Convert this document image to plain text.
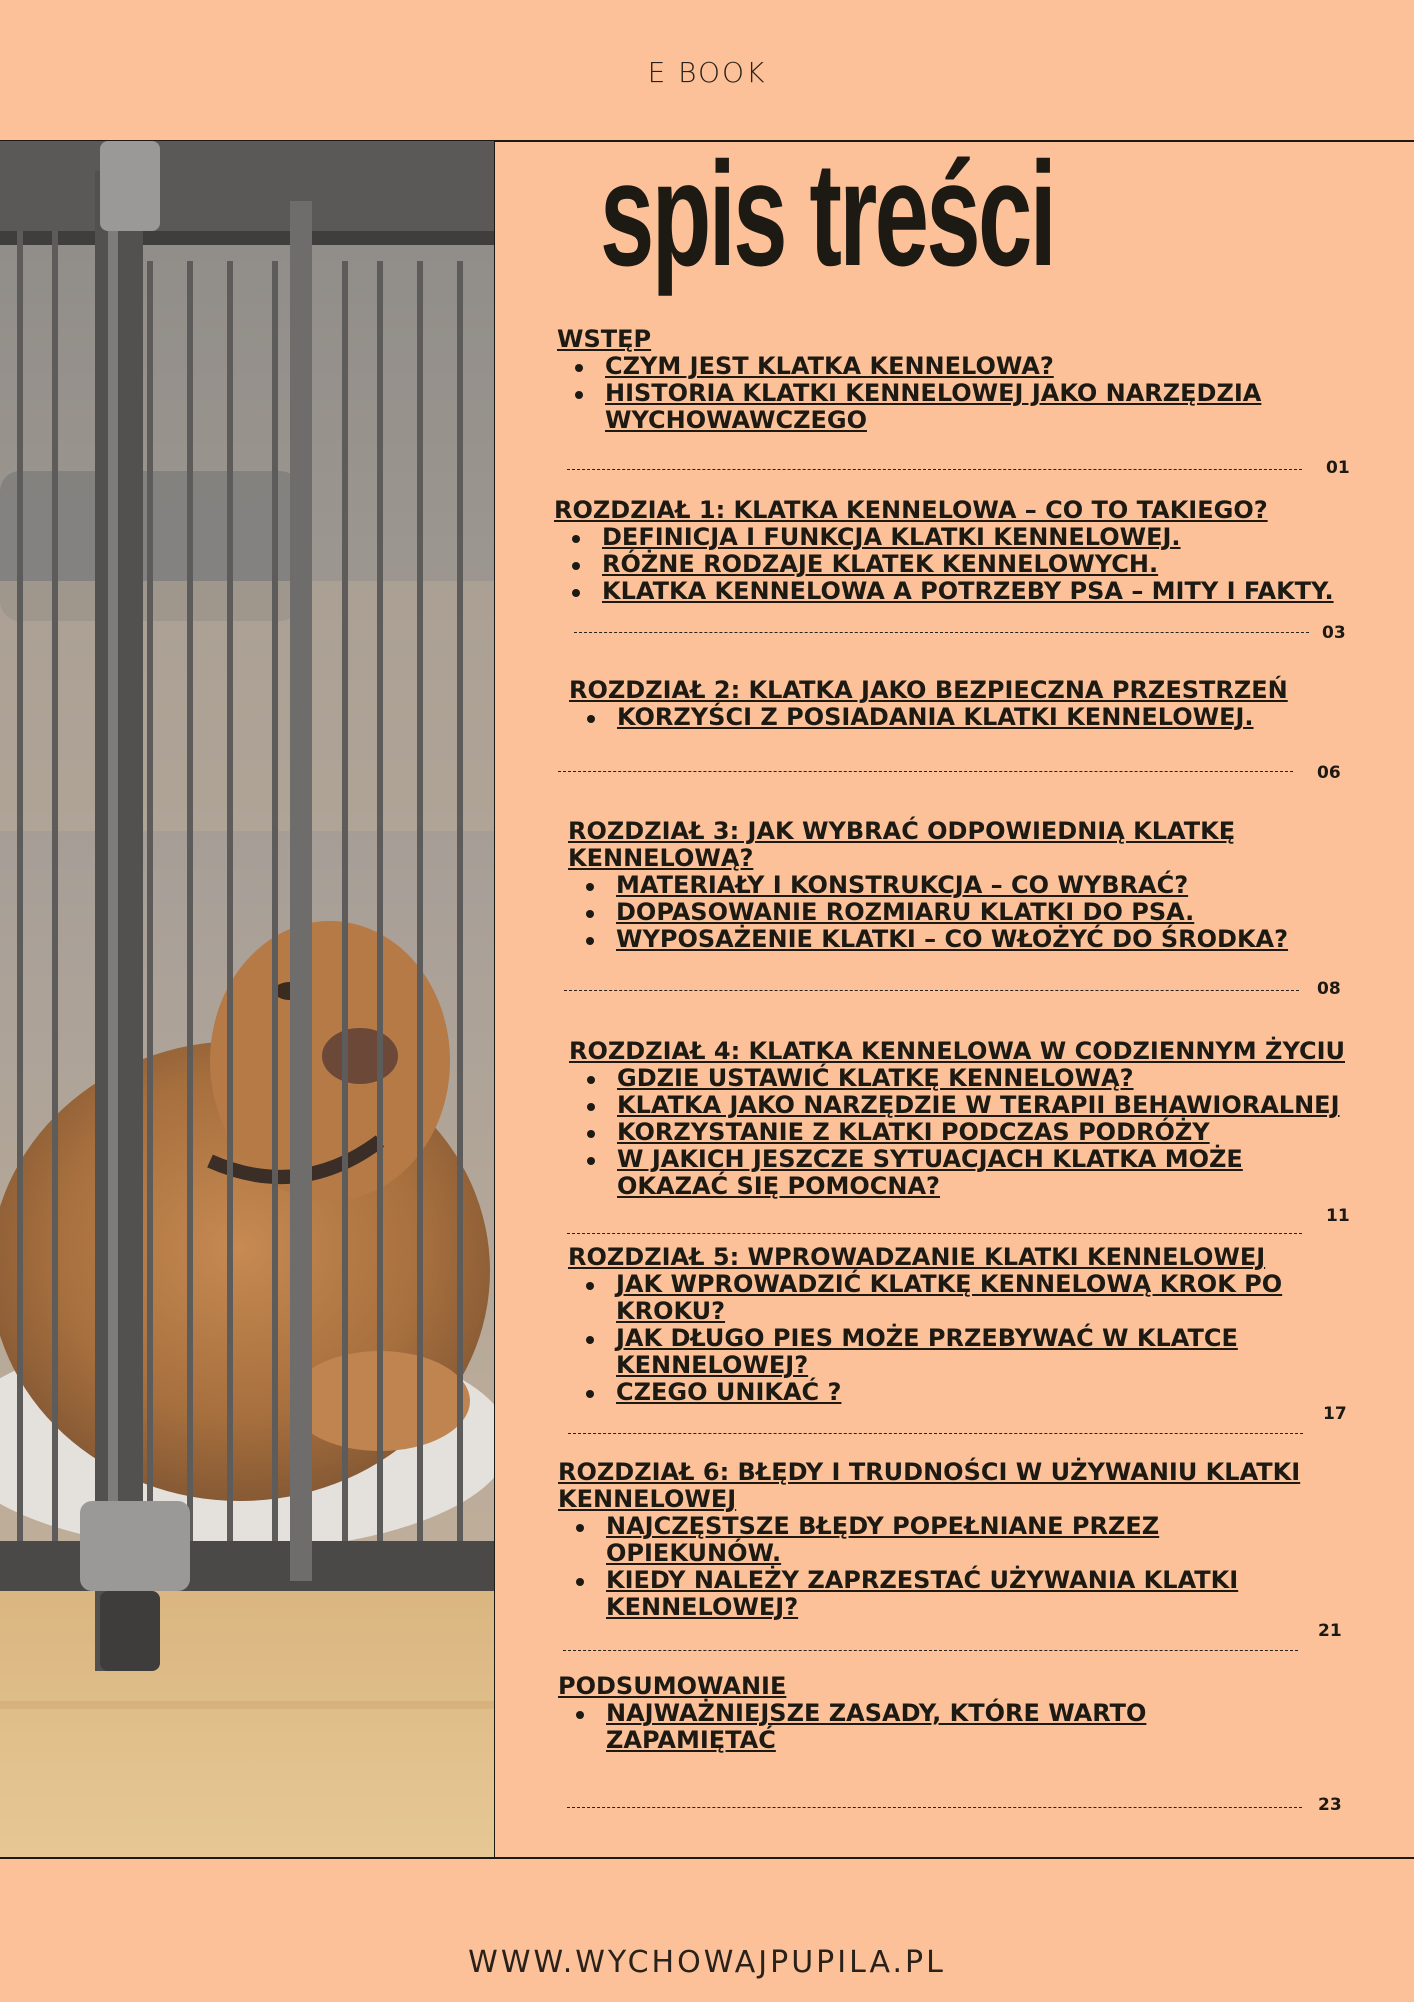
E BOOK
spis treści
WSTĘP
CZYM JEST KLATKA KENNELOWA?
HISTORIA KLATKI KENNELOWEJ JAKO NARZĘDZIA WYCHOWAWCZEGO
01
ROZDZIAŁ 1: KLATKA KENNELOWA – CO TO TAKIEGO?
DEFINICJA I FUNKCJA KLATKI KENNELOWEJ.
RÓŻNE RODZAJE KLATEK KENNELOWYCH.
KLATKA KENNELOWA A POTRZEBY PSA – MITY I FAKTY.
03
ROZDZIAŁ 2: KLATKA JAKO BEZPIECZNA PRZESTRZEŃ
KORZYŚCI Z POSIADANIA KLATKI KENNELOWEJ.
06
ROZDZIAŁ 3: JAK WYBRAĆ ODPOWIEDNIĄ KLATKĘ KENNELOWĄ?
MATERIAŁY I KONSTRUKCJA – CO WYBRAĆ?
DOPASOWANIE ROZMIARU KLATKI DO PSA.
WYPOSAŻENIE KLATKI – CO WŁOŻYĆ DO ŚRODKA?
08
ROZDZIAŁ 4: KLATKA KENNELOWA W CODZIENNYM ŻYCIU
GDZIE USTAWIĆ KLATKĘ KENNELOWĄ?
KLATKA JAKO NARZĘDZIE W TERAPII BEHAWIORALNEJ
KORZYSTANIE Z KLATKI PODCZAS PODRÓŻY
W JAKICH JESZCZE SYTUACJACH KLATKA MOŻE OKAZAĆ SIĘ POMOCNA?
11
ROZDZIAŁ 5: WPROWADZANIE KLATKI KENNELOWEJ
JAK WPROWADZIĆ KLATKĘ KENNELOWĄ KROK PO KROKU?
JAK DŁUGO PIES MOŻE PRZEBYWAĆ W KLATCE KENNELOWEJ?
CZEGO UNIKAĆ ?
17
ROZDZIAŁ 6: BŁĘDY I TRUDNOŚCI W UŻYWANIU KLATKI KENNELOWEJ
NAJCZĘSTSZE BŁĘDY POPEŁNIANE PRZEZ OPIEKUNÓW.
KIEDY NALEŻY ZAPRZESTAĆ UŻYWANIA KLATKI KENNELOWEJ?
21
PODSUMOWANIE
NAJWAŻNIEJSZE ZASADY, KTÓRE WARTO ZAPAMIĘTAĆ
23
WWW.WYCHOWAJPUPILA.PL
